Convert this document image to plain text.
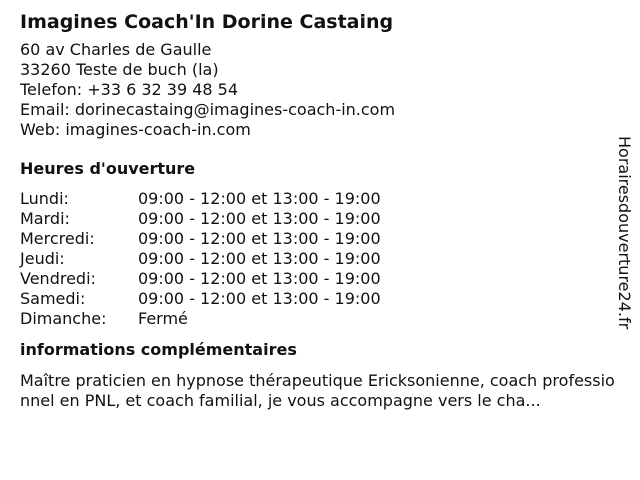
Imagines Coach'In Dorine Castaing
60 av Charles de Gaulle
33260 Teste de buch (la)
Telefon: +33 6 32 39 48 54
Email: dorinecastaing@imagines-coach-in.com
Web: imagines-coach-in.com
Heures d'ouverture
Lundi:	09:00 - 12:00 et 13:00 - 19:00
Mardi:	09:00 - 12:00 et 13:00 - 19:00
Mercredi:	09:00 - 12:00 et 13:00 - 19:00
Jeudi:	09:00 - 12:00 et 13:00 - 19:00
Vendredi:	09:00 - 12:00 et 13:00 - 19:00
Samedi:	09:00 - 12:00 et 13:00 - 19:00
Dimanche:	Fermé
informations complémentaires
Maître praticien en hypnose thérapeutique Ericksonienne, coach professionnel en PNL, et coach familial, je vous accompagne vers le cha...
Horairesdouverture24.fr
